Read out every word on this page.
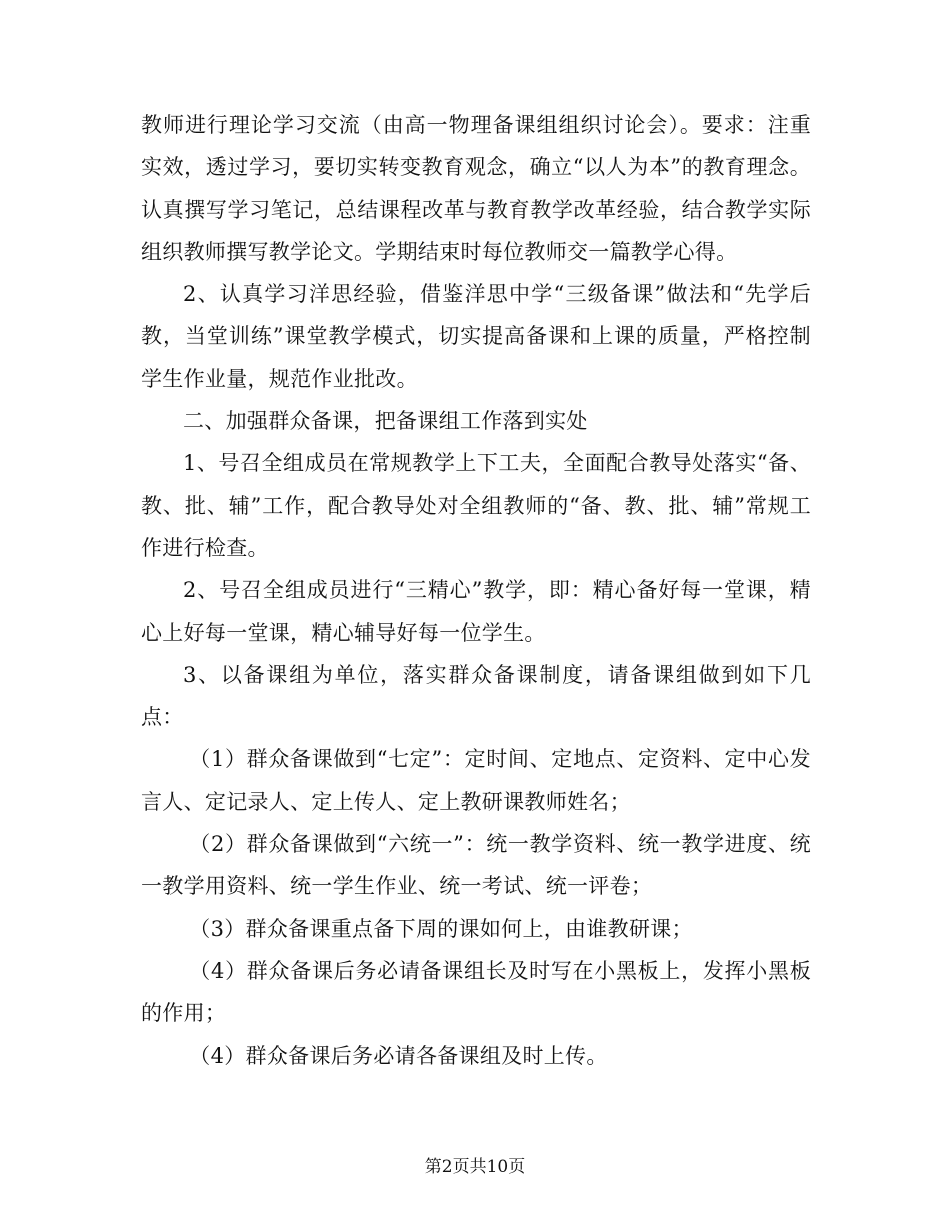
教师进行理论学习交流（由高一物理备课组组织讨论会）。要求：注重实效，透过学习，要切实转变教育观念，确立“以人为本”的教育理念。认真撰写学习笔记，总结课程改革与教育教学改革经验，结合教学实际组织教师撰写教学论文。学期结束时每位教师交一篇教学心得。

2、认真学习洋思经验，借鉴洋思中学“三级备课”做法和“先学后教，当堂训练”课堂教学模式，切实提高备课和上课的质量，严格控制学生作业量，规范作业批改。

二、加强群众备课，把备课组工作落到实处

1、号召全组成员在常规教学上下工夫，全面配合教导处落实“备、教、批、辅”工作，配合教导处对全组教师的“备、教、批、辅”常规工作进行检查。

2、号召全组成员进行“三精心”教学，即：精心备好每一堂课，精心上好每一堂课，精心辅导好每一位学生。

3、以备课组为单位，落实群众备课制度，请备课组做到如下几点：

（1）群众备课做到“七定”：定时间、定地点、定资料、定中心发言人、定记录人、定上传人、定上教研课教师姓名；

（2）群众备课做到“六统一”：统一教学资料、统一教学进度、统一教学用资料、统一学生作业、统一考试、统一评卷；

（3）群众备课重点备下周的课如何上，由谁教研课；

（4）群众备课后务必请备课组长及时写在小黑板上，发挥小黑板的作用；

（4）群众备课后务必请各备课组及时上传。

第2页共10页
